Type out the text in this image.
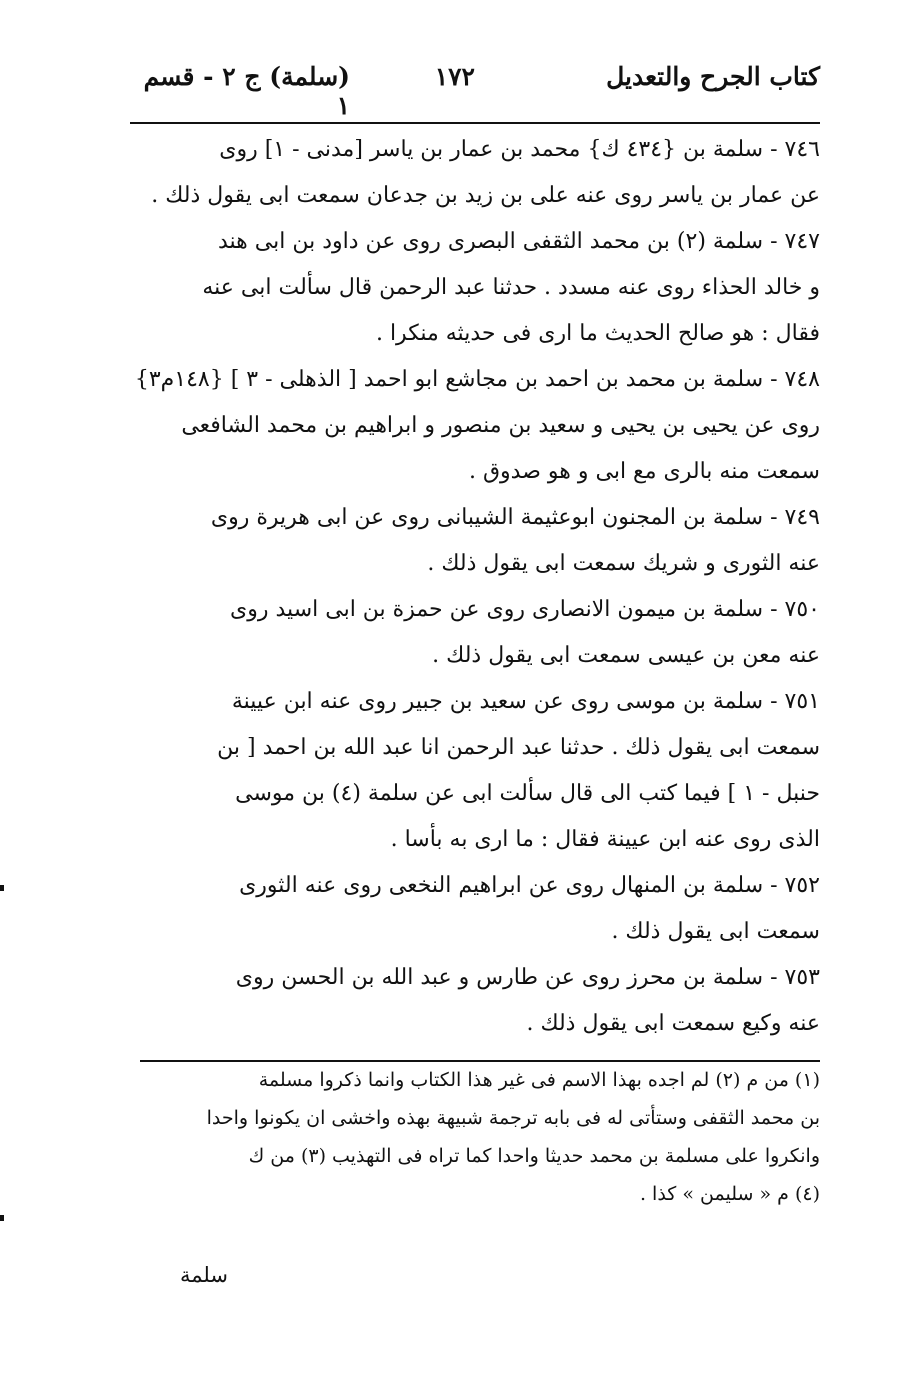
كتاب الجرح والتعديل
١٧٢
(سلمة) ج ٢ - قسم ١
٧٤٦ - سلمة بن {٤٣٤ ك} محمد بن عمار بن ياسر [مدنى - ١] روى
عن عمار بن ياسر روى عنه على بن زيد بن جدعان سمعت ابى يقول ذلك .
٧٤٧ - سلمة (٢) بن محمد الثقفى البصرى روى عن داود بن ابى هند
و خالد الحذاء روى عنه مسدد . حدثنا عبد الرحمن قال سألت ابى عنه
فقال : هو صالح الحديث ما ارى فى حديثه منكرا .
٧٤٨ - سلمة بن محمد بن احمد بن مجاشع ابو احمد [ الذهلى - ٣ ] {١٤٨م٣}
روى عن يحيى بن يحيى و سعيد بن منصور و ابراهيم بن محمد الشافعى
سمعت منه بالرى مع ابى و هو صدوق .
٧٤٩ - سلمة بن المجنون ابوعثيمة الشيبانى روى عن ابى هريرة روى
عنه الثورى و شريك سمعت ابى يقول ذلك .
٧٥٠ - سلمة بن ميمون الانصارى روى عن حمزة بن ابى اسيد روى
عنه معن بن عيسى سمعت ابى يقول ذلك .
٧٥١ - سلمة بن موسى روى عن سعيد بن جبير روى عنه ابن عيينة
سمعت ابى يقول ذلك . حدثنا عبد الرحمن انا عبد الله بن احمد [ بن
حنبل - ١ ] فيما كتب الى قال سألت ابى عن سلمة (٤) بن موسى
الذى روى عنه ابن عيينة فقال : ما ارى به بأسا .
٧٥٢ - سلمة بن المنهال روى عن ابراهيم النخعى روى عنه الثورى
سمعت ابى يقول ذلك .
٧٥٣ - سلمة بن محرز روى عن طارس و عبد الله بن الحسن روى
عنه وكيع سمعت ابى يقول ذلك .
(١) من م (٢) لم اجده بهذا الاسم فى غير هذا الكتاب وانما ذكروا مسلمة
بن محمد الثقفى وستأتى له فى بابه ترجمة شبيهة بهذه واخشى ان يكونوا واحدا
وانكروا على مسلمة بن محمد حديثا واحدا كما تراه فى التهذيب (٣) من ك
(٤) م « سليمن » كذا .
سلمة
